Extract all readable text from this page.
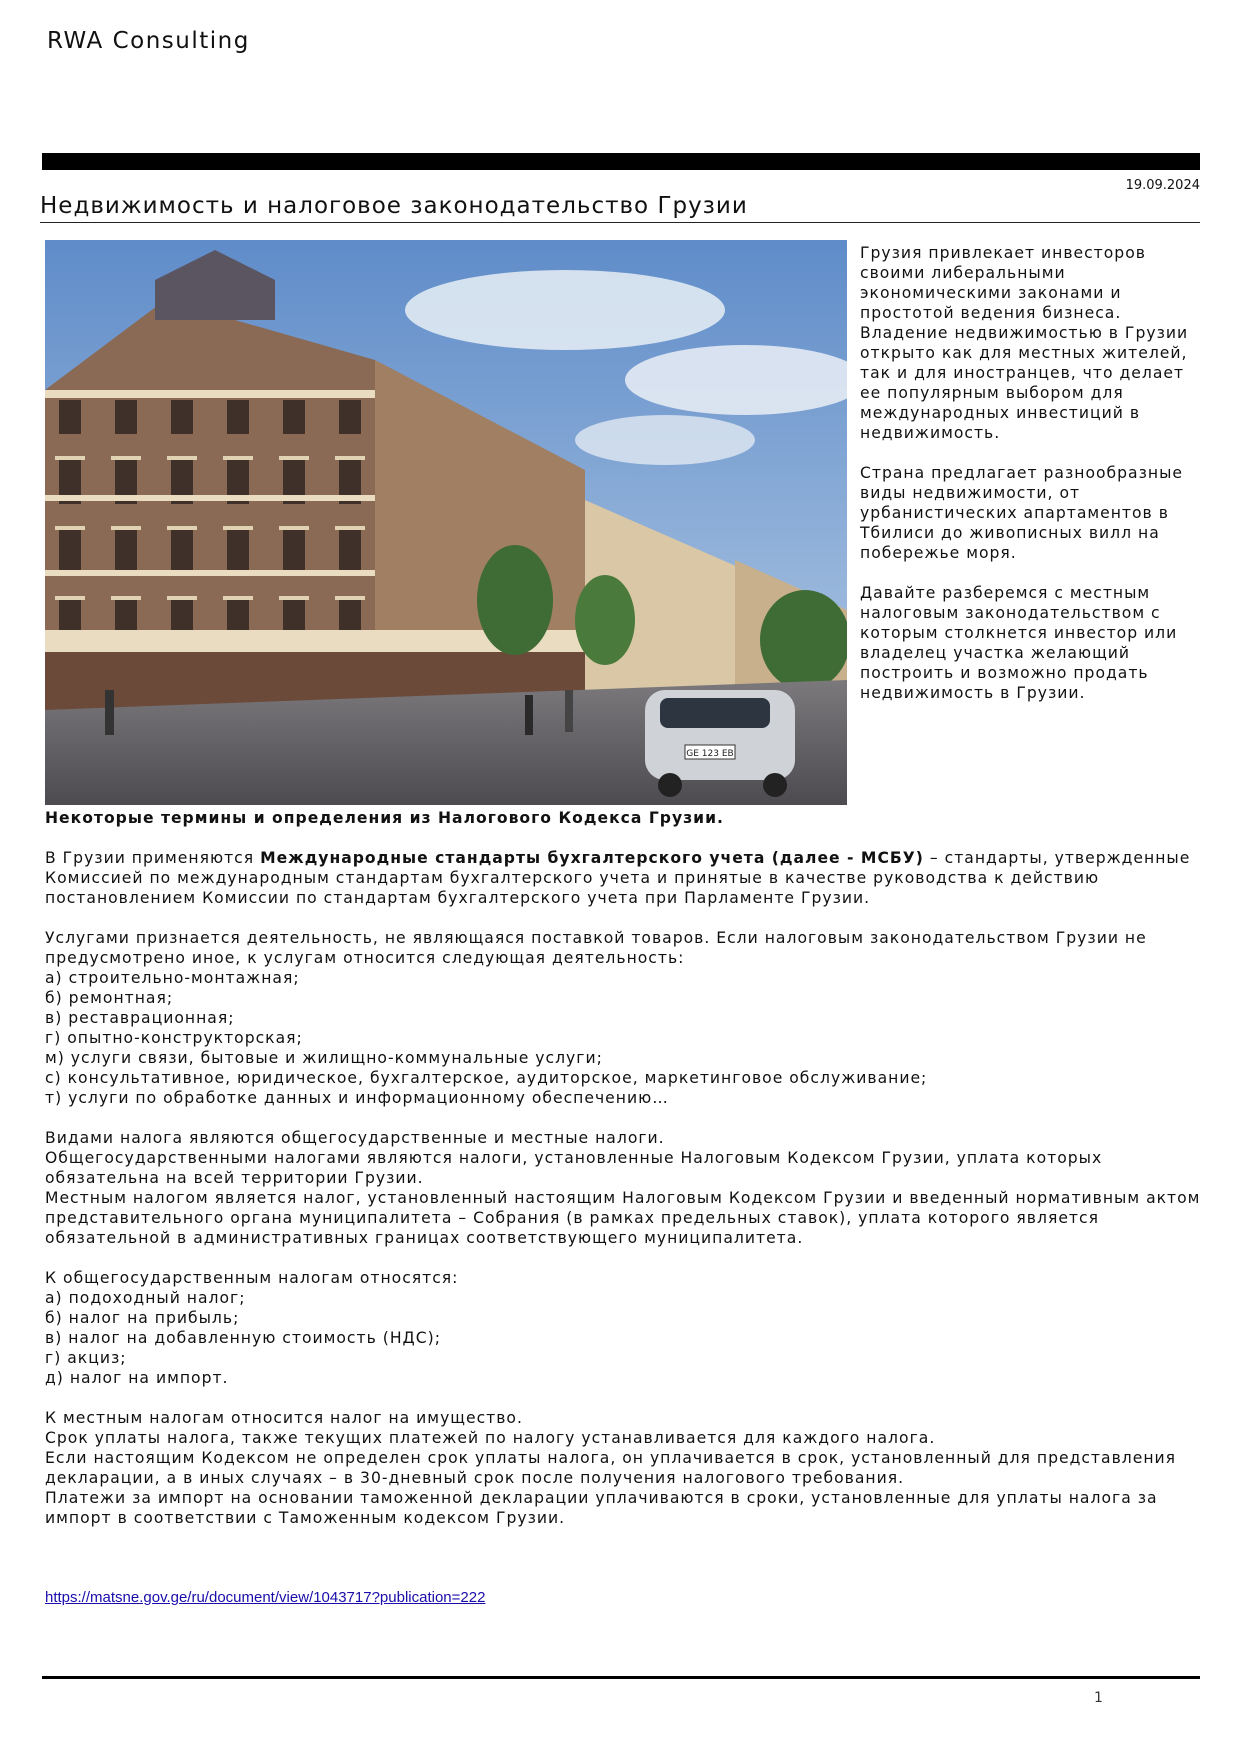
RWA Consulting
19.09.2024
Недвижимость и налоговое законодательство Грузии
GE 123 EB

Грузия привлекает инвесторов своими либеральными экономическими законами и простотой ведения бизнеса. Владение недвижимостью в Грузии открыто как для местных жителей, так и для иностранцев, что делает ее популярным выбором для международных инвестиций в недвижимость.

Страна предлагает разнообразные виды недвижимости, от урбанистических апартаментов в Тбилиси до живописных вилл на побережье моря.

Давайте разберемся с местным налоговым законодательством с которым столкнется инвестор или владелец участка желающий построить и возможно продать недвижимость в Грузии.

Некоторые термины и определения из Налогового Кодекса Грузии.

В Грузии применяются Международные стандарты бухгалтерского учета (далее - МСБУ) – стандарты, утвержденные Комиссией по международным стандартам бухгалтерского учета и принятые в качестве руководства к действию постановлением Комиссии по стандартам бухгалтерского учета при Парламенте Грузии.

Услугами признается деятельность, не являющаяся поставкой товаров. Если налоговым законодательством Грузии не предусмотрено иное, к услугам относится следующая деятельность:
а) строительно-монтажная;
б) ремонтная;
в) реставрационная;
г) опытно-конструкторская;
м) услуги связи, бытовые и жилищно-коммунальные услуги;
с) консультативное, юридическое, бухгалтерское, аудиторское, маркетинговое обслуживание;
т) услуги по обработке данных и информационному обеспечению…

Видами налога являются общегосударственные и местные налоги.
Общегосударственными налогами являются налоги, установленные Налоговым Кодексом Грузии, уплата которых обязательна на всей территории Грузии.
Местным налогом является налог, установленный настоящим Налоговым Кодексом Грузии и введенный нормативным актом представительного органа муниципалитета – Собрания (в рамках предельных ставок), уплата которого является обязательной в административных границах соответствующего муниципалитета.

К общегосударственным налогам относятся:
а) подоходный налог;
б) налог на прибыль;
в) налог на добавленную стоимость (НДС);
г) акциз;
д) налог на импорт.

К местным налогам относится налог на имущество.
Срок уплаты налога, также текущих платежей по налогу устанавливается для каждого налога.
Если настоящим Кодексом не определен срок уплаты налога, он уплачивается в срок, установленный для представления декларации, а в иных случаях – в 30-дневный срок после получения налогового требования.
Платежи за импорт на основании таможенной декларации уплачиваются в сроки, установленные для уплаты налога за импорт в соответствии с Таможенным кодексом Грузии.

https://matsne.gov.ge/ru/document/view/1043717?publication=222
1
